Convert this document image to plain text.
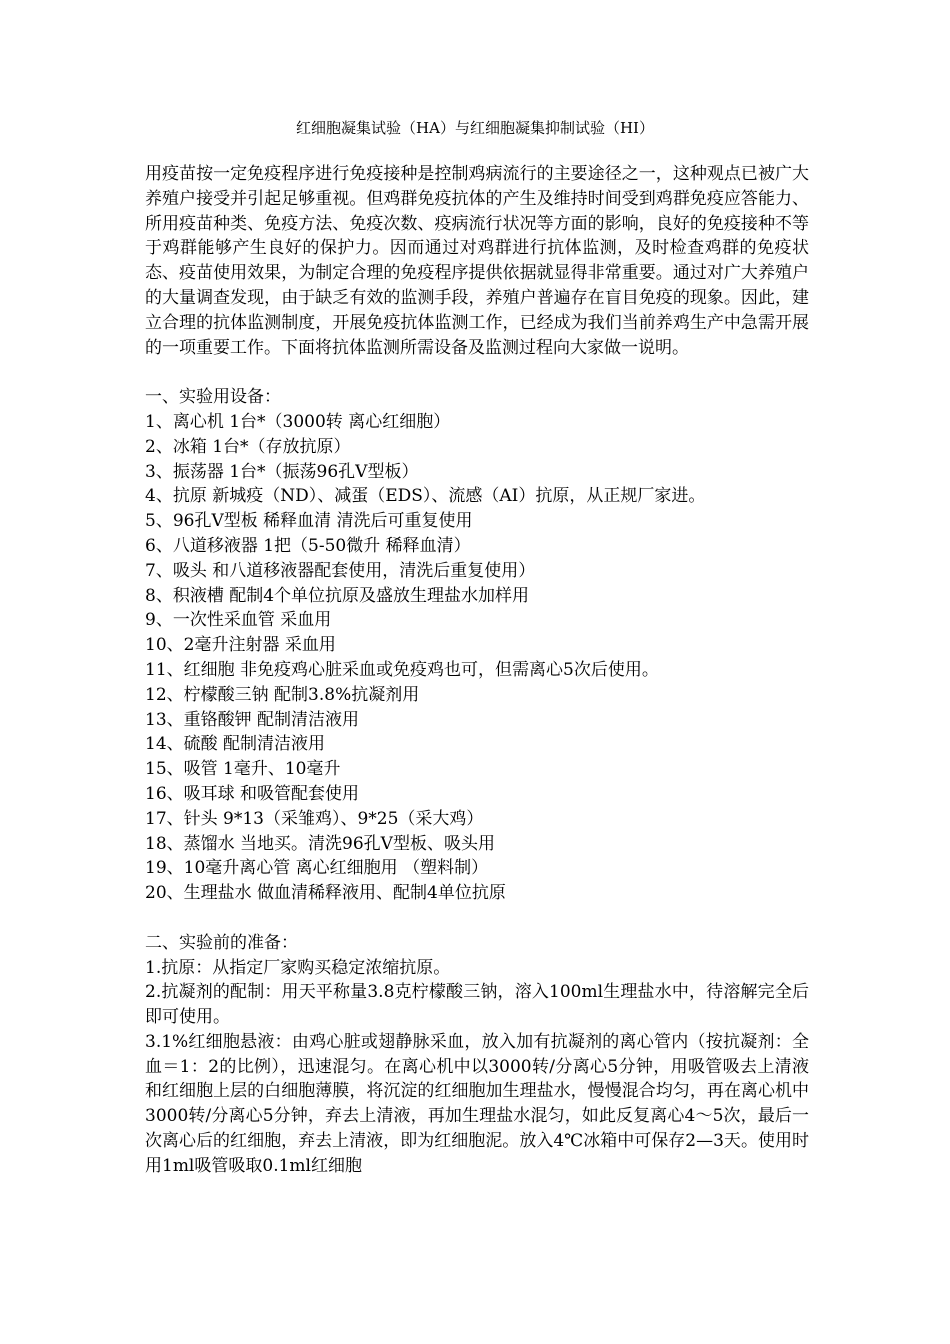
红细胞凝集试验（HA）与红细胞凝集抑制试验（HI）

用疫苗按一定免疫程序进行免疫接种是控制鸡病流行的主要途径之一，这种观点已被广大养殖户接受并引起足够重视。但鸡群免疫抗体的产生及维持时间受到鸡群免疫应答能力、所用疫苗种类、免疫方法、免疫次数、疫病流行状况等方面的影响，良好的免疫接种不等于鸡群能够产生良好的保护力。因而通过对鸡群进行抗体监测，及时检查鸡群的免疫状态、疫苗使用效果，为制定合理的免疫程序提供依据就显得非常重要。通过对广大养殖户的大量调查发现，由于缺乏有效的监测手段，养殖户普遍存在盲目免疫的现象。因此，建立合理的抗体监测制度，开展免疫抗体监测工作，已经成为我们当前养鸡生产中急需开展的一项重要工作。下面将抗体监测所需设备及监测过程向大家做一说明。

一、实验用设备：

1、离心机 1台*（3000转 离心红细胞）

2、冰箱 1台*（存放抗原）

3、振荡器 1台*（振荡96孔V型板）

4、抗原 新城疫（ND）、减蛋（EDS）、流感（AI）抗原，从正规厂家进。

5、96孔V型板 稀释血清 清洗后可重复使用

6、八道移液器 1把（5-50微升 稀释血清）

7、吸头 和八道移液器配套使用，清洗后重复使用）

8、积液槽 配制4个单位抗原及盛放生理盐水加样用

9、一次性采血管 采血用

10、2毫升注射器 采血用

11、红细胞 非免疫鸡心脏采血或免疫鸡也可，但需离心5次后使用。

12、柠檬酸三钠 配制3.8%抗凝剂用

13、重铬酸钾 配制清洁液用

14、硫酸 配制清洁液用

15、吸管 1毫升、10毫升

16、吸耳球 和吸管配套使用

17、针头 9*13（采雏鸡）、9*25（采大鸡）

18、蒸馏水 当地买。清洗96孔V型板、吸头用

19、10毫升离心管 离心红细胞用 （塑料制）

20、生理盐水 做血清稀释液用、配制4单位抗原

二、实验前的准备：

1.抗原：从指定厂家购买稳定浓缩抗原。

2.抗凝剂的配制：用天平称量3.8克柠檬酸三钠，溶入100ml生理盐水中，待溶解完全后即可使用。

3.1%红细胞悬液：由鸡心脏或翅静脉采血，放入加有抗凝剂的离心管内（按抗凝剂：全血＝1：2的比例），迅速混匀。在离心机中以3000转/分离心5分钟，用吸管吸去上清液和红细胞上层的白细胞薄膜，将沉淀的红细胞加生理盐水，慢慢混合均匀，再在离心机中3000转/分离心5分钟，弃去上清液，再加生理盐水混匀，如此反复离心4～5次，最后一次离心后的红细胞，弃去上清液，即为红细胞泥。放入4℃冰箱中可保存2—3天。使用时用1ml吸管吸取0.1ml红细胞
